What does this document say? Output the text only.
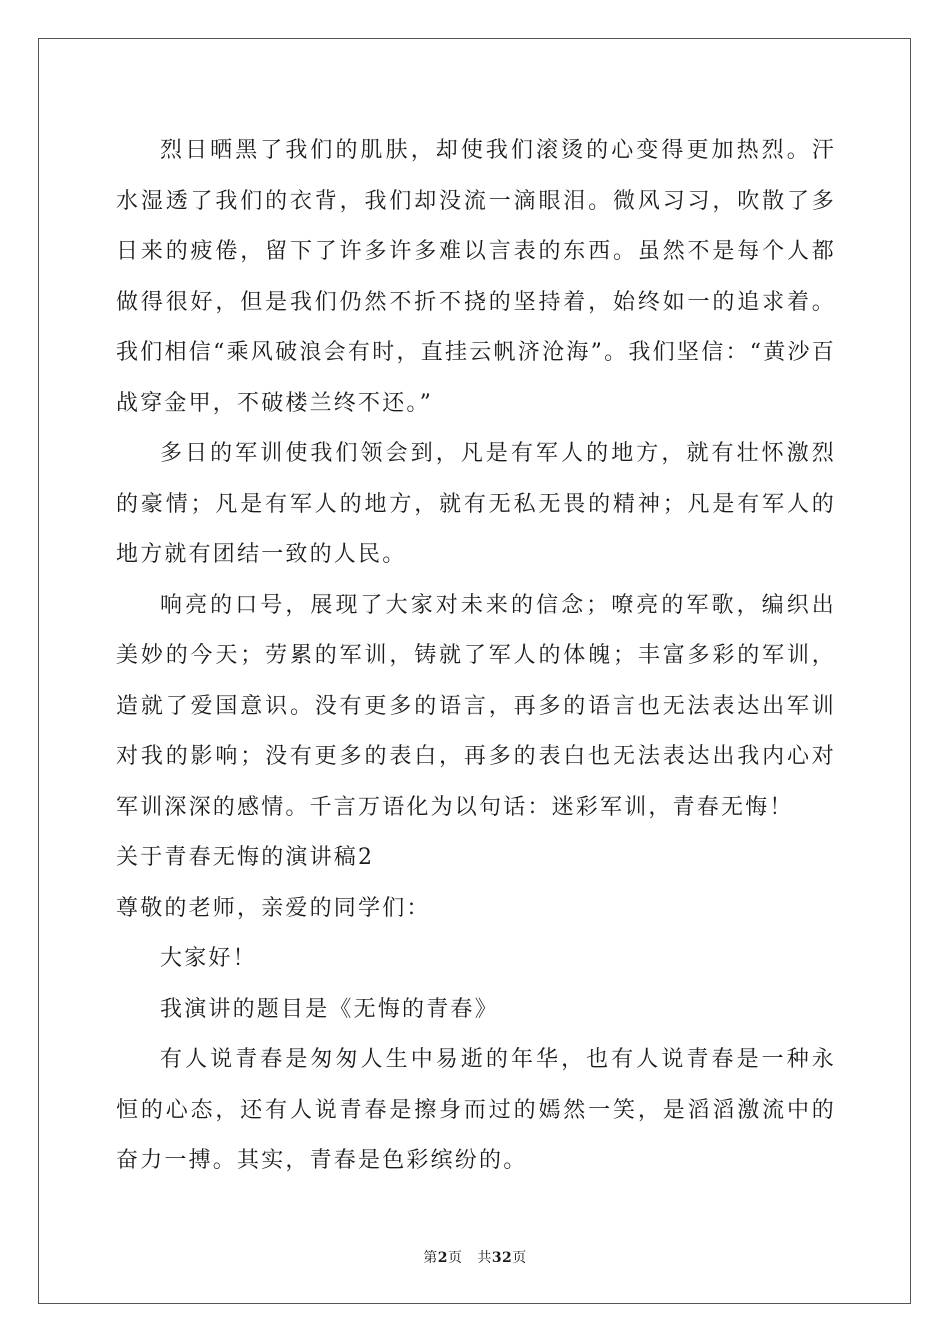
烈日晒黑了我们的肌肤，却使我们滚烫的心变得更加热烈。汗水湿透了我们的衣背，我们却没流一滴眼泪。微风习习，吹散了多日来的疲倦，留下了许多许多难以言表的东西。虽然不是每个人都做得很好，但是我们仍然不折不挠的坚持着，始终如一的追求着。我们相信“乘风破浪会有时，直挂云帆济沧海”。我们坚信：“黄沙百战穿金甲，不破楼兰终不还。”

多日的军训使我们领会到，凡是有军人的地方，就有壮怀激烈的豪情；凡是有军人的地方，就有无私无畏的精神；凡是有军人的地方就有团结一致的人民。

响亮的口号，展现了大家对未来的信念；嘹亮的军歌，编织出美妙的今天；劳累的军训，铸就了军人的体魄；丰富多彩的军训，造就了爱国意识。没有更多的语言，再多的语言也无法表达出军训对我的影响；没有更多的表白，再多的表白也无法表达出我内心对军训深深的感情。千言万语化为以句话：迷彩军训，青春无悔！

关于青春无悔的演讲稿2

尊敬的老师，亲爱的同学们：

大家好！

我演讲的题目是《无悔的青春》

有人说青春是匆匆人生中易逝的年华，也有人说青春是一种永恒的心态，还有人说青春是擦身而过的嫣然一笑，是滔滔激流中的奋力一搏。其实，青春是色彩缤纷的。

第2页 共32页
